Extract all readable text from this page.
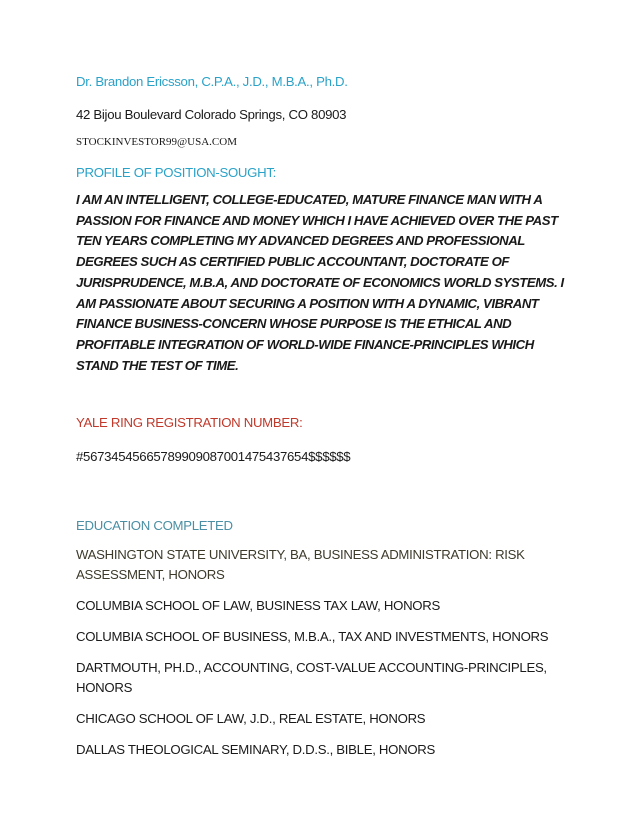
Dr. Brandon Ericsson, C.P.A., J.D., M.B.A., Ph.D.

42 Bijou Boulevard Colorado Springs, CO 80903

STOCKINVESTOR99@USA.COM

PROFILE OF POSITION-SOUGHT:

I AM AN INTELLIGENT, COLLEGE-EDUCATED, MATURE FINANCE MAN WITH A PASSION FOR FINANCE AND MONEY WHICH I HAVE ACHIEVED OVER THE PAST TEN YEARS COMPLETING MY ADVANCED DEGREES AND PROFESSIONAL DEGREES SUCH AS CERTIFIED PUBLIC ACCOUNTANT, DOCTORATE OF JURISPRUDENCE, M.B.A, AND DOCTORATE OF ECONOMICS WORLD SYSTEMS. I AM PASSIONATE ABOUT SECURING A POSITION WITH A DYNAMIC, VIBRANT FINANCE BUSINESS-CONCERN WHOSE PURPOSE IS THE ETHICAL AND PROFITABLE INTEGRATION OF WORLD-WIDE FINANCE-PRINCIPLES WHICH STAND THE TEST OF TIME.

YALE RING REGISTRATION NUMBER:

#56734545665789909087001475437654$$$$$$

EDUCATION COMPLETED

WASHINGTON STATE UNIVERSITY, BA, BUSINESS ADMINISTRATION: RISK ASSESSMENT, HONORS
COLUMBIA SCHOOL OF LAW, BUSINESS TAX LAW, HONORS
COLUMBIA SCHOOL OF BUSINESS, M.B.A., TAX AND INVESTMENTS, HONORS
DARTMOUTH, PH.D., ACCOUNTING, COST-VALUE ACCOUNTING-PRINCIPLES, HONORS
CHICAGO SCHOOL OF LAW, J.D., REAL ESTATE, HONORS
DALLAS THEOLOGICAL SEMINARY, D.D.S., BIBLE, HONORS
